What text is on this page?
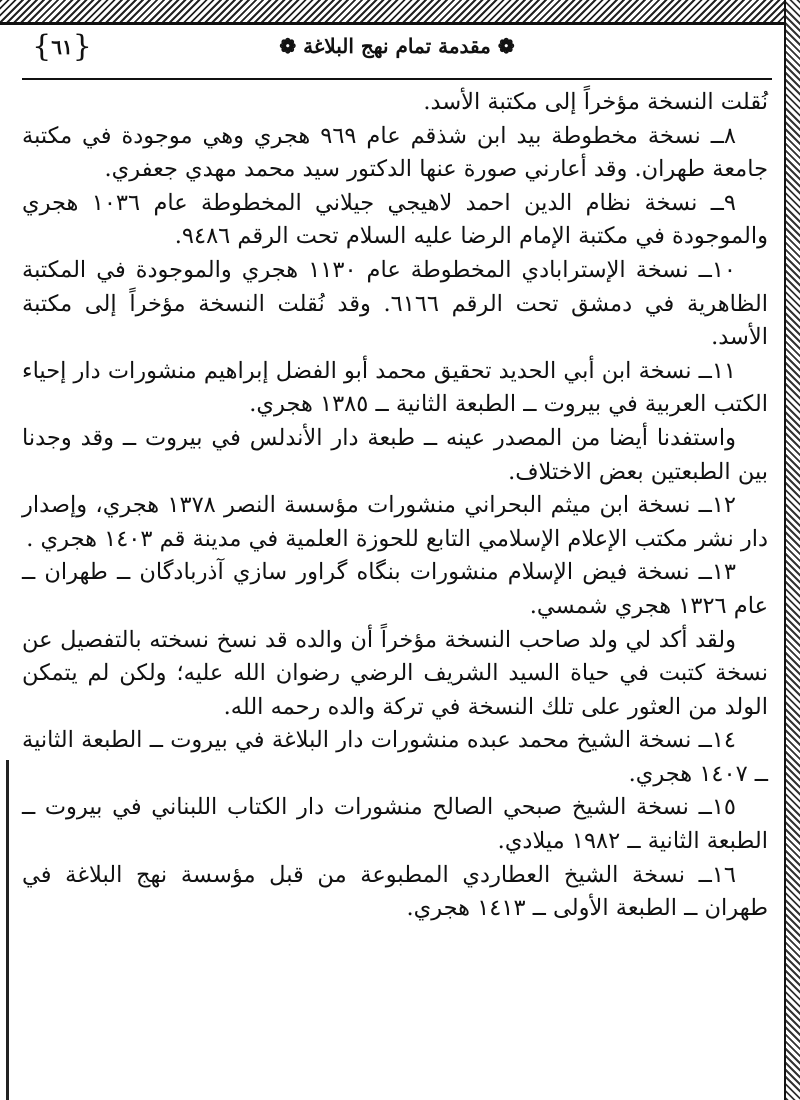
❁ مقدمة تمام نهج البلاغة ❁
{ ٦١ }

نُقلت النسخة مؤخراً إلى مكتبة الأسد.

٨ــ نسخة مخطوطة بيد ابن شذقم عام ٩٦٩ هجري وهي موجودة في مكتبة جامعة طهران. وقد أعارني صورة عنها الدكتور سيد محمد مهدي جعفري.

٩ــ نسخة نظام الدين احمد لاهيجي جيلاني المخطوطة عام ١٠٣٦ هجري والموجودة في مكتبة الإمام الرضا عليه السلام تحت الرقم ٩٤٨٦.

١٠ــ نسخة الإسترابادي المخطوطة عام ١١٣٠ هجري والموجودة في المكتبة الظاهرية في دمشق تحت الرقم ٦١٦٦. وقد نُقلت النسخة مؤخراً إلى مكتبة الأسد.

١١ــ نسخة ابن أبي الحديد تحقيق محمد أبو الفضل إبراهيم منشورات دار إحياء الكتب العربية في بيروت ــ الطبعة الثانية ــ ١٣٨٥ هجري.

واستفدنا أيضا من المصدر عينه ــ طبعة دار الأندلس في بيروت ــ وقد وجدنا بين الطبعتين بعض الاختلاف.

١٢ــ نسخة ابن ميثم البحراني منشورات مؤسسة النصر ١٣٧٨ هجري، وإصدار دار نشر مكتب الإعلام الإسلامي التابع للحوزة العلمية في مدينة قم ١٤٠٣ هجري .

١٣ــ نسخة فيض الإسلام منشورات بنگاه گراور سازي آذربادگان ــ طهران ــ عام ١٣٢٦ هجري شمسي.

ولقد أكد لي ولد صاحب النسخة مؤخراً أن والده قد نسخ نسخته بالتفصيل عن نسخة كتبت في حياة السيد الشريف الرضي رضوان الله عليه؛ ولكن لم يتمكن الولد من العثور على تلك النسخة في تركة والده رحمه الله.

١٤ــ نسخة الشيخ محمد عبده منشورات دار البلاغة في بيروت ــ الطبعة الثانية ــ ١٤٠٧ هجري.

١٥ــ نسخة الشيخ صبحي الصالح منشورات دار الكتاب اللبناني في بيروت ــ الطبعة الثانية ــ ١٩٨٢ ميلادي.

١٦ــ نسخة الشيخ العطاردي المطبوعة من قبل مؤسسة نهج البلاغة في طهران ــ الطبعة الأولى ــ ١٤١٣ هجري.
